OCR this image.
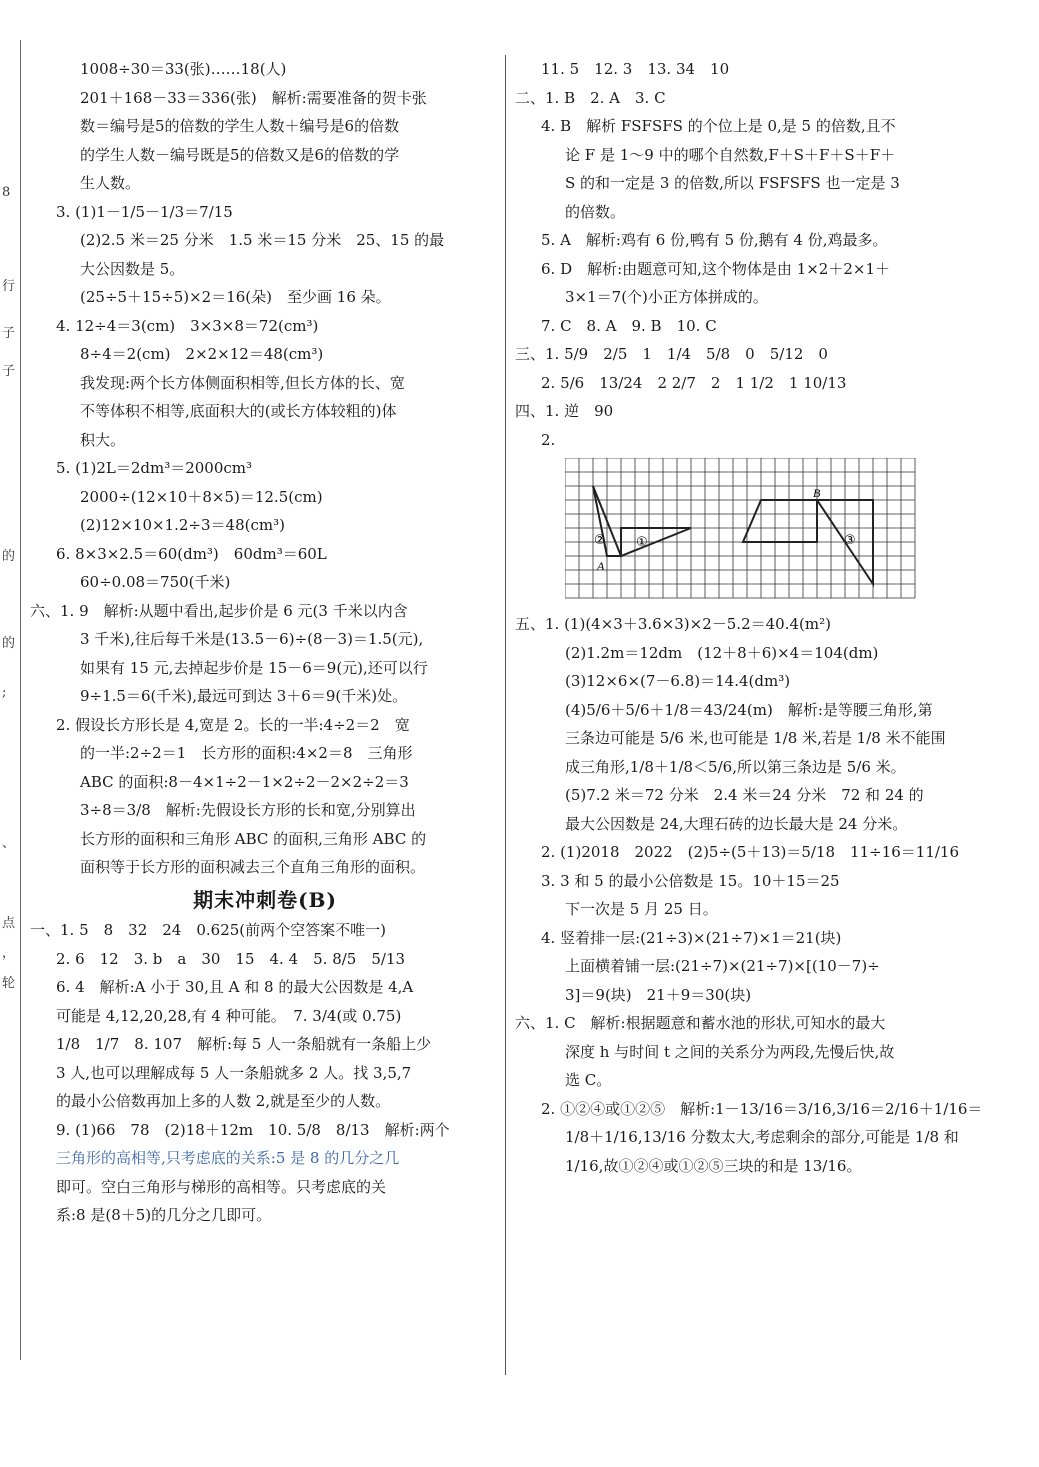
8
行
子
子
的
的
;
、
点
，
轮
1008÷30＝33(张)……18(人)
201＋168－33＝336(张)　解析:需要准备的贺卡张
数＝编号是5的倍数的学生人数＋编号是6的倍数
的学生人数－编号既是5的倍数又是6的倍数的学
生人数。
3. (1)1－1/5－1/3＝7/15
(2)2.5 米＝25 分米　1.5 米＝15 分米　25、15 的最
大公因数是 5。
(25÷5＋15÷5)×2＝16(朵)　至少画 16 朵。
4. 12÷4＝3(cm)　3×3×8＝72(cm³)
8÷4＝2(cm)　2×2×12＝48(cm³)
我发现:两个长方体侧面积相等,但长方体的长、宽
不等体积不相等,底面积大的(或长方体较粗的)体
积大。
5. (1)2L＝2dm³＝2000cm³
2000÷(12×10＋8×5)＝12.5(cm)
(2)12×10×1.2÷3＝48(cm³)
6. 8×3×2.5＝60(dm³)　60dm³＝60L
60÷0.08＝750(千米)
六、1. 9　解析:从题中看出,起步价是 6 元(3 千米以内含
3 千米),往后每千米是(13.5－6)÷(8－3)＝1.5(元),
如果有 15 元,去掉起步价是 15－6＝9(元),还可以行
9÷1.5＝6(千米),最远可到达 3＋6＝9(千米)处。
2. 假设长方形长是 4,宽是 2。长的一半:4÷2＝2　宽
的一半:2÷2＝1　长方形的面积:4×2＝8　三角形
ABC 的面积:8－4×1÷2－1×2÷2－2×2÷2＝3
3÷8＝3/8　解析:先假设长方形的长和宽,分别算出
长方形的面积和三角形 ABC 的面积,三角形 ABC 的
面积等于长方形的面积减去三个直角三角形的面积。
期末冲刺卷(B)
一、1. 5　8　32　24　0.625(前两个空答案不唯一)
2. 6　12　3. b　a　30　15　4. 4　5. 8/5　5/13
6. 4　解析:A 小于 30,且 A 和 8 的最大公因数是 4,A
可能是 4,12,20,28,有 4 种可能。　7. 3/4(或 0.75)
1/8　1/7　8. 107　解析:每 5 人一条船就有一条船上少
3 人,也可以理解成每 5 人一条船就多 2 人。找 3,5,7
的最小公倍数再加上多的人数 2,就是至少的人数。
9. (1)66　78　(2)18＋12m　10. 5/8　8/13　解析:两个
三角形的高相等,只考虑底的关系:5 是 8 的几分之几
即可。空白三角形与梯形的高相等。只考虑底的关
系:8 是(8＋5)的几分之几即可。
11. 5　12. 3　13. 34　10
二、1. B　2. A　3. C
4. B　解析 FSFSFS 的个位上是 0,是 5 的倍数,且不
论 F 是 1～9 中的哪个自然数,F＋S＋F＋S＋F＋
S 的和一定是 3 的倍数,所以 FSFSFS 也一定是 3
的倍数。
5. A　解析:鸡有 6 份,鸭有 5 份,鹅有 4 份,鸡最多。
6. D　解析:由题意可知,这个物体是由 1×2＋2×1＋
3×1＝7(个)小正方体拼成的。
7. C　8. A　9. B　10. C
三、1. 5/9　2/5　1　1/4　5/8　0　5/12　0
2. 5/6　13/24　2 2/7　2　1 1/2　1 10/13
四、1. 逆　90
2.
A
B
①
②	③
五、1. (1)(4×3＋3.6×3)×2－5.2＝40.4(m²)
(2)1.2m＝12dm　(12＋8＋6)×4＝104(dm)
(3)12×6×(7－6.8)＝14.4(dm³)
(4)5/6＋5/6＋1/8＝43/24(m)　解析:是等腰三角形,第
三条边可能是 5/6 米,也可能是 1/8 米,若是 1/8 米不能围
成三角形,1/8＋1/8＜5/6,所以第三条边是 5/6 米。
(5)7.2 米＝72 分米　2.4 米＝24 分米　72 和 24 的
最大公因数是 24,大理石砖的边长最大是 24 分米。
2. (1)2018　2022　(2)5÷(5＋13)＝5/18　11÷16＝11/16
3. 3 和 5 的最小公倍数是 15。10＋15＝25
下一次是 5 月 25 日。
4. 竖着排一层:(21÷3)×(21÷7)×1＝21(块)
上面横着铺一层:(21÷7)×(21÷7)×[(10－7)÷
3]＝9(块)　21＋9＝30(块)
六、1. C　解析:根据题意和蓄水池的形状,可知水的最大
深度 h 与时间 t 之间的关系分为两段,先慢后快,故
选 C。
2. ①②④或①②⑤　解析:1－13/16＝3/16,3/16＝2/16＋1/16＝
1/8＋1/16,13/16 分数太大,考虑剩余的部分,可能是 1/8 和
1/16,故①②④或①②⑤三块的和是 13/16。
